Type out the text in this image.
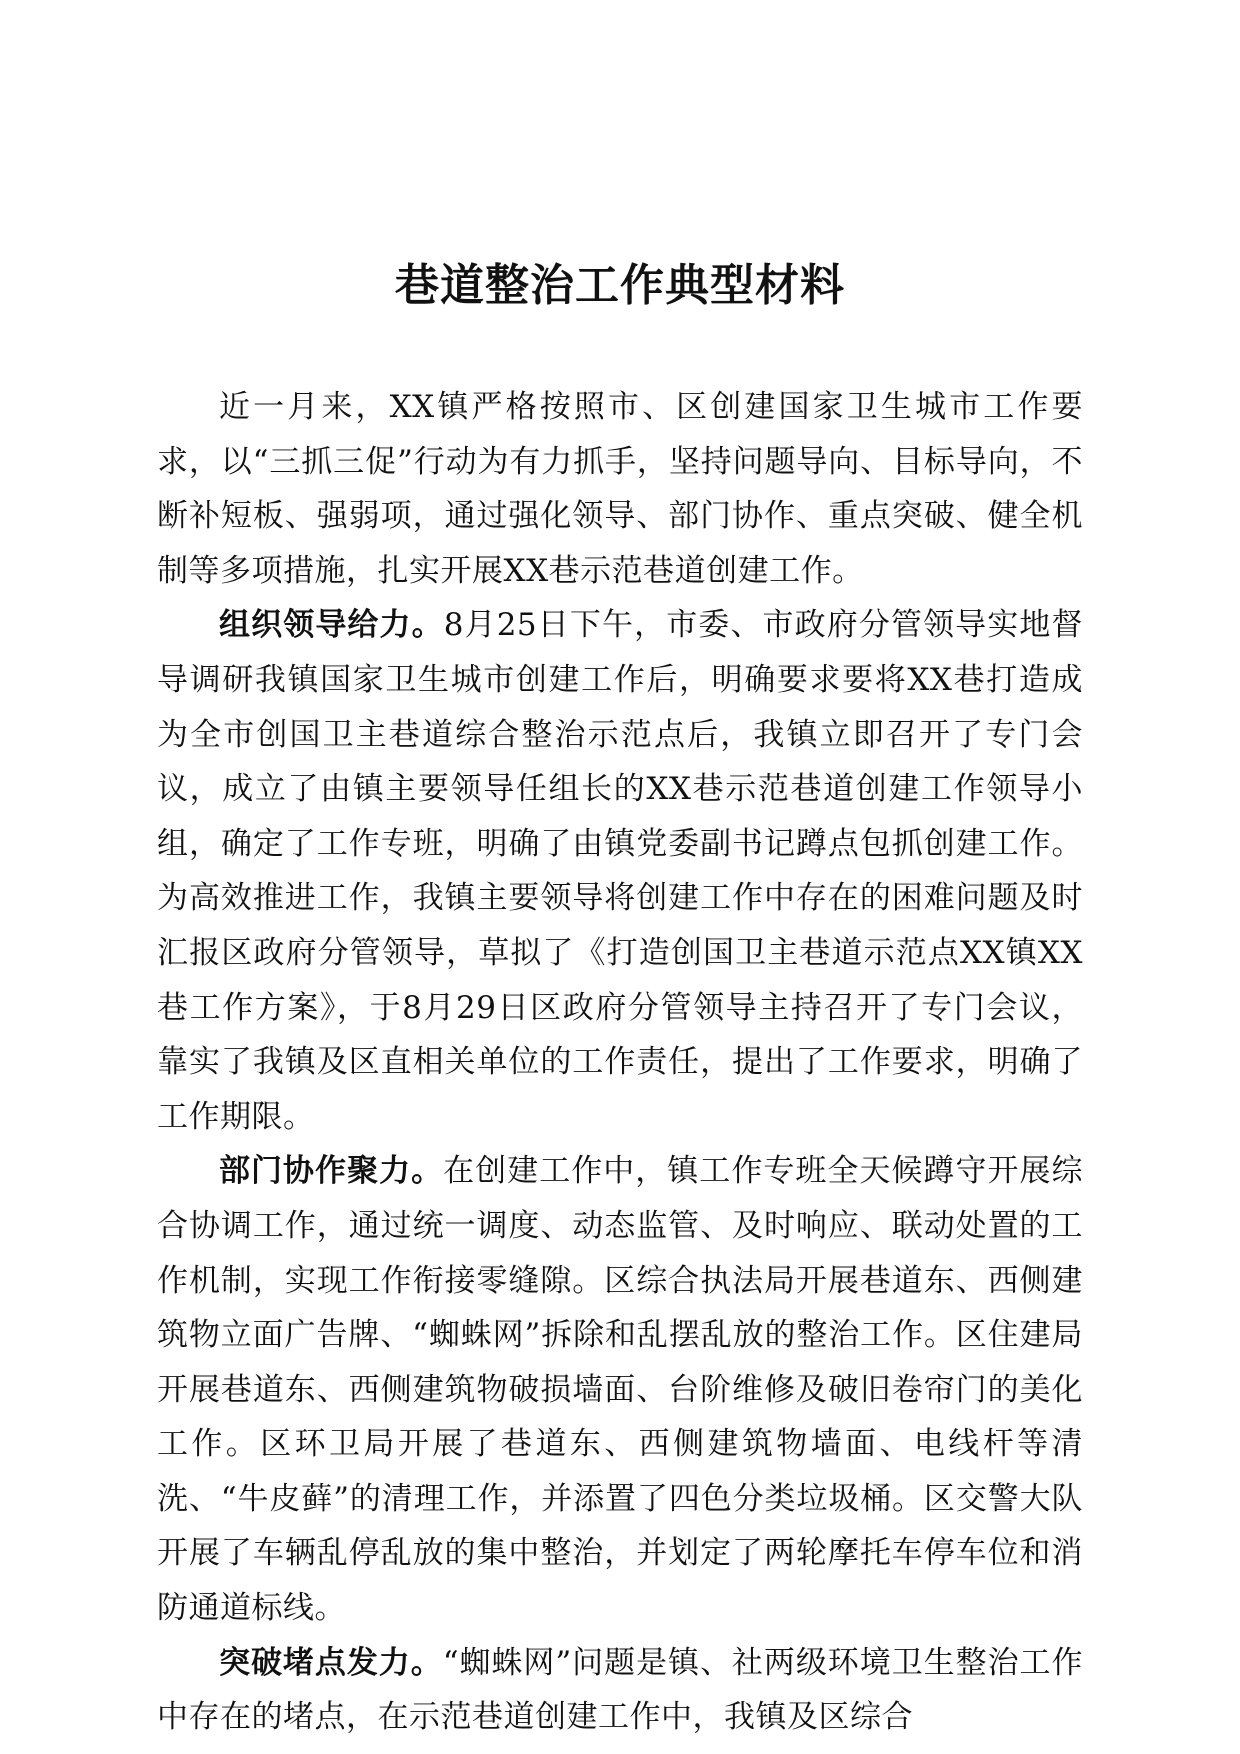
巷道整治工作典型材料

近一月来，XX镇严格按照市、区创建国家卫生城市工作要求，以“三抓三促”行动为有力抓手，坚持问题导向、目标导向，不断补短板、强弱项，通过强化领导、部门协作、重点突破、健全机制等多项措施，扎实开展XX巷示范巷道创建工作。

组织领导给力。8月25日下午，市委、市政府分管领导实地督导调研我镇国家卫生城市创建工作后，明确要求要将XX巷打造成为全市创国卫主巷道综合整治示范点后，我镇立即召开了专门会议，成立了由镇主要领导任组长的XX巷示范巷道创建工作领导小组，确定了工作专班，明确了由镇党委副书记蹲点包抓创建工作。为高效推进工作，我镇主要领导将创建工作中存在的困难问题及时汇报区政府分管领导，草拟了《打造创国卫主巷道示范点XX镇XX巷工作方案》，于8月29日区政府分管领导主持召开了专门会议，靠实了我镇及区直相关单位的工作责任，提出了工作要求，明确了工作期限。

部门协作聚力。在创建工作中，镇工作专班全天候蹲守开展综合协调工作，通过统一调度、动态监管、及时响应、联动处置的工作机制，实现工作衔接零缝隙。区综合执法局开展巷道东、西侧建筑物立面广告牌、“蜘蛛网”拆除和乱摆乱放的整治工作。区住建局开展巷道东、西侧建筑物破损墙面、台阶维修及破旧卷帘门的美化工作。区环卫局开展了巷道东、西侧建筑物墙面、电线杆等清洗、“牛皮藓”的清理工作，并添置了四色分类垃圾桶。区交警大队开展了车辆乱停乱放的集中整治，并划定了两轮摩托车停车位和消防通道标线。

突破堵点发力。“蜘蛛网”问题是镇、社两级环境卫生整治工作中存在的堵点，在示范巷道创建工作中，我镇及区综合
